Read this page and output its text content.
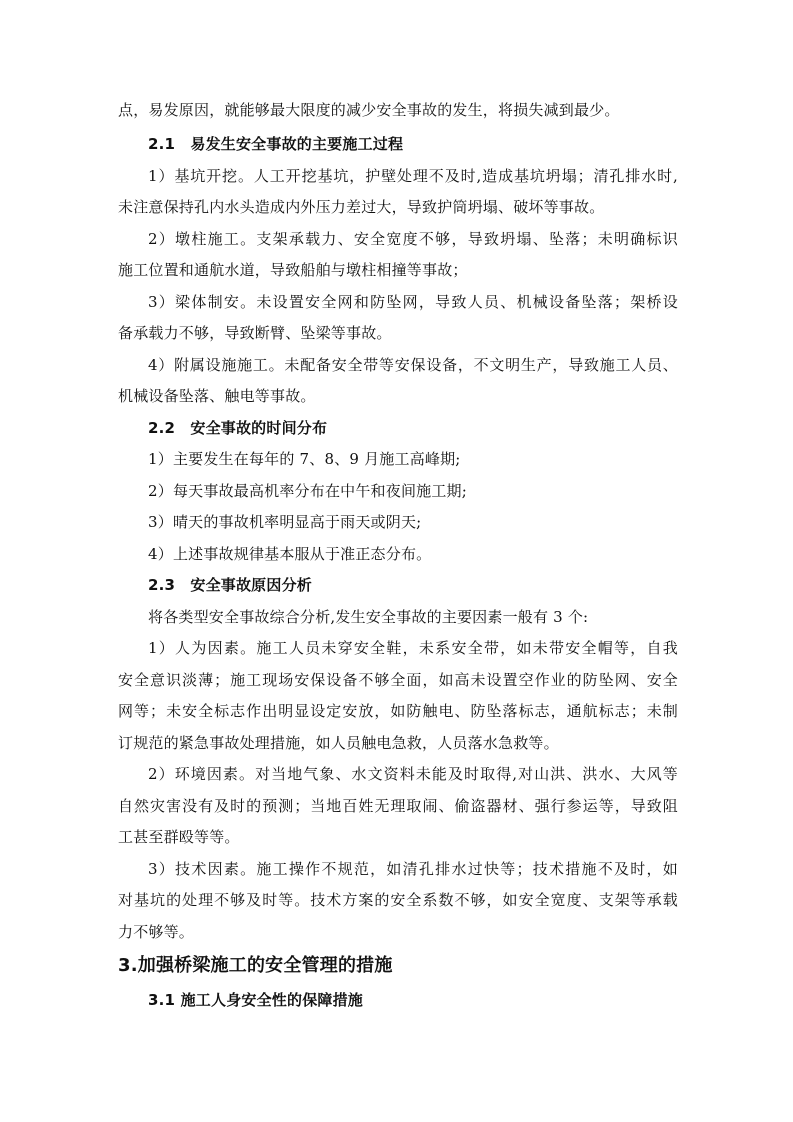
点，易发原因，就能够最大限度的减少安全事故的发生，将损失减到最少。
2.1　易发生安全事故的主要施工过程
1）基坑开挖。人工开挖基坑，护壁处理不及时,造成基坑坍塌；清孔排水时,
未注意保持孔内水头造成内外压力差过大，导致护筒坍塌、破坏等事故。
2）墩柱施工。支架承载力、安全宽度不够，导致坍塌、坠落；未明确标识
施工位置和通航水道，导致船舶与墩柱相撞等事故；
3）梁体制安。未设置安全网和防坠网，导致人员、机械设备坠落；架桥设
备承载力不够，导致断臂、坠梁等事故。
4）附属设施施工。未配备安全带等安保设备，不文明生产，导致施工人员、
机械设备坠落、触电等事故。
2.2　安全事故的时间分布
1）主要发生在每年的 7、8、9 月施工高峰期;
2）每天事故最高机率分布在中午和夜间施工期;
3）晴天的事故机率明显高于雨天或阴天;
4）上述事故规律基本服从于准正态分布。
2.3　安全事故原因分析
将各类型安全事故综合分析,发生安全事故的主要因素一般有 3 个:
1）人为因素。施工人员未穿安全鞋，未系安全带，如未带安全帽等，自我
安全意识淡薄；施工现场安保设备不够全面，如高未设置空作业的防坠网、安全
网等；未安全标志作出明显设定安放，如防触电、防坠落标志，通航标志；未制
订规范的紧急事故处理措施，如人员触电急救，人员落水急救等。
2）环境因素。对当地气象、水文资料未能及时取得,对山洪、洪水、大风等
自然灾害没有及时的预测；当地百姓无理取闹、偷盗器材、强行参运等，导致阻
工甚至群殴等等。
3）技术因素。施工操作不规范，如清孔排水过快等；技术措施不及时，如
对基坑的处理不够及时等。技术方案的安全系数不够，如安全宽度、支架等承载
力不够等。
3.加强桥梁施工的安全管理的措施
3.1 施工人身安全性的保障措施
